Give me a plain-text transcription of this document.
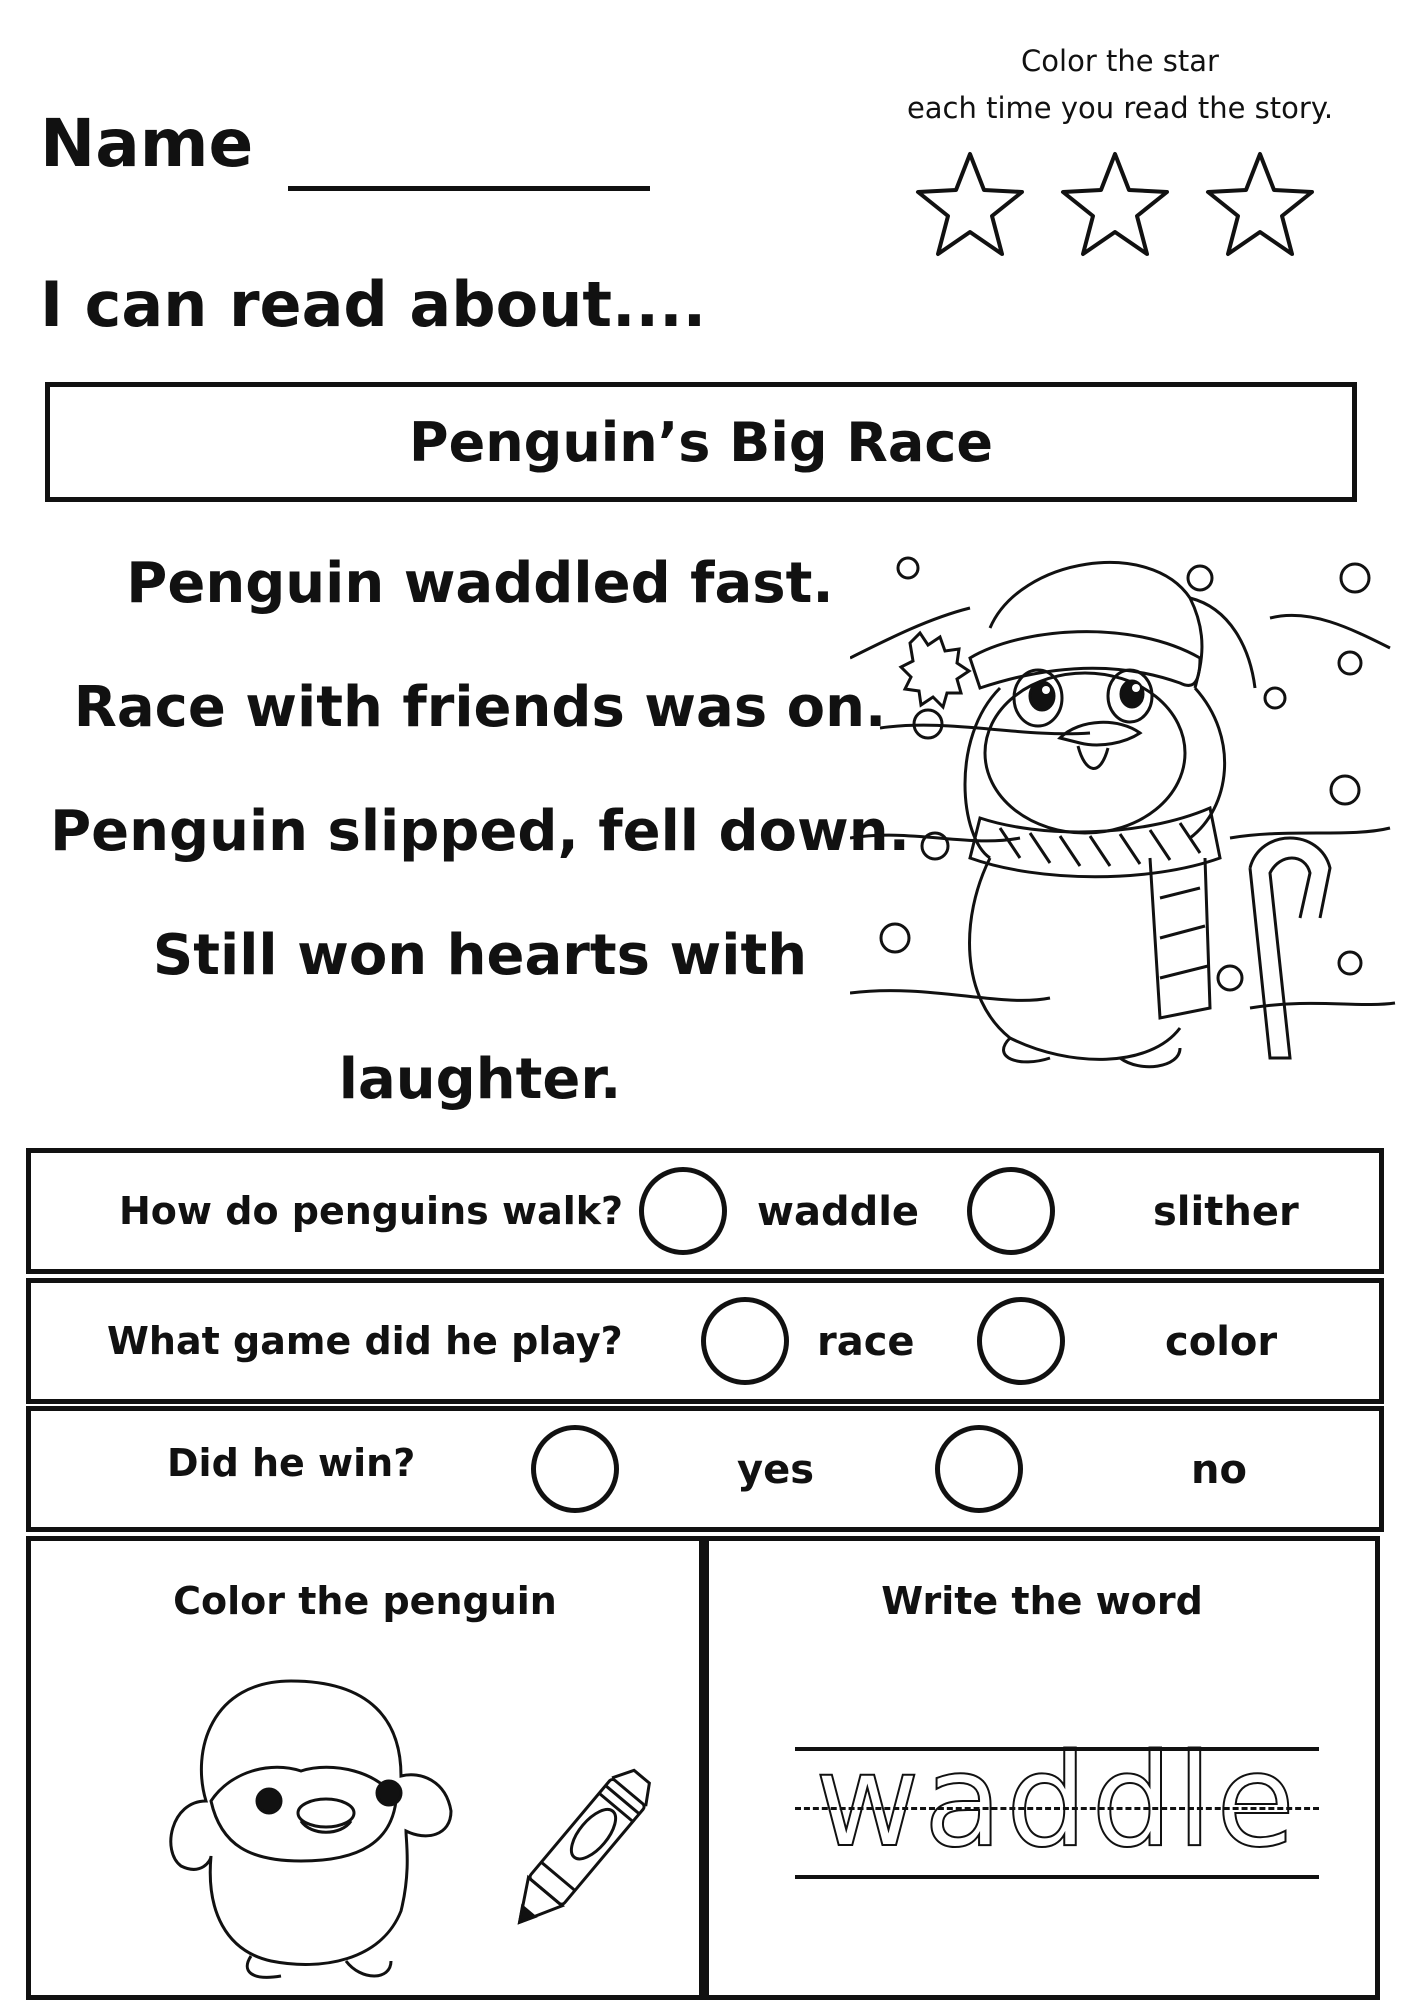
Name
Color the star
each time you read the story.
I can read about....
Penguin’s Big Race
Penguin waddled fast.
Race with friends was on.
Penguin slipped, fell down.
Still won hearts with
laughter.
How do penguins walk?	waddle	slither
What game did he play?	race	color
Did he win?	yes	no
Color the penguin	Write the word
waddle
